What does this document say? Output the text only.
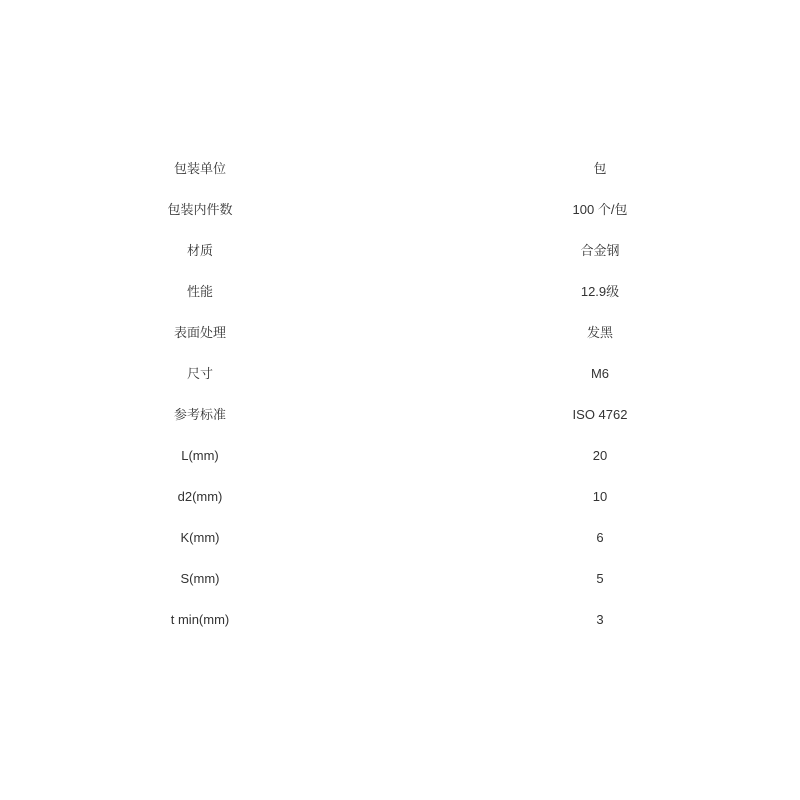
包装单位	包
包装内件数	100 个/包
材质	合金钢
性能	12.9级
表面处理	发黑
尺寸	M6
参考标准	ISO 4762
L(mm)	20
d2(mm)	10
K(mm)	6
S(mm)	5
t min(mm)	3
